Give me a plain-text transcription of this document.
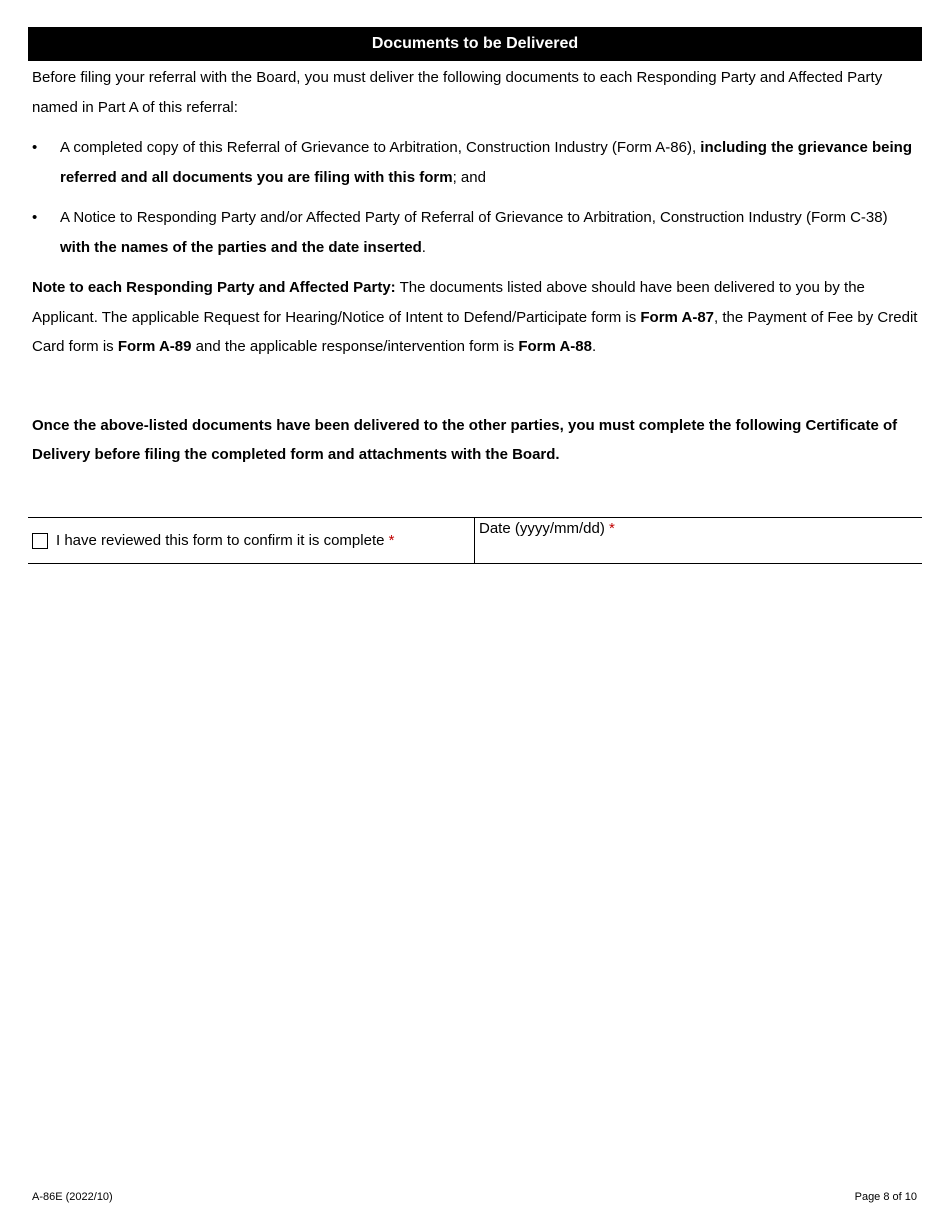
Documents to be Delivered

Before filing your referral with the Board, you must deliver the following documents to each Responding Party and Affected Party named in Part A of this referral:

• A completed copy of this Referral of Grievance to Arbitration, Construction Industry (Form A-86), including the grievance being referred and all documents you are filing with this form; and
• A Notice to Responding Party and/or Affected Party of Referral of Grievance to Arbitration, Construction Industry (Form C-38) with the names of the parties and the date inserted.

Note to each Responding Party and Affected Party: The documents listed above should have been delivered to you by the Applicant. The applicable Request for Hearing/Notice of Intent to Defend/Participate form is Form A-87, the Payment of Fee by Credit Card form is Form A-89 and the applicable response/intervention form is Form A-88.

Once the above-listed documents have been delivered to the other parties, you must complete the following Certificate of Delivery before filing the completed form and attachments with the Board.

I have reviewed this form to confirm it is complete
*
Date (yyyy/mm/dd) *
A-86E (2022/10)	Page 8 of 10
